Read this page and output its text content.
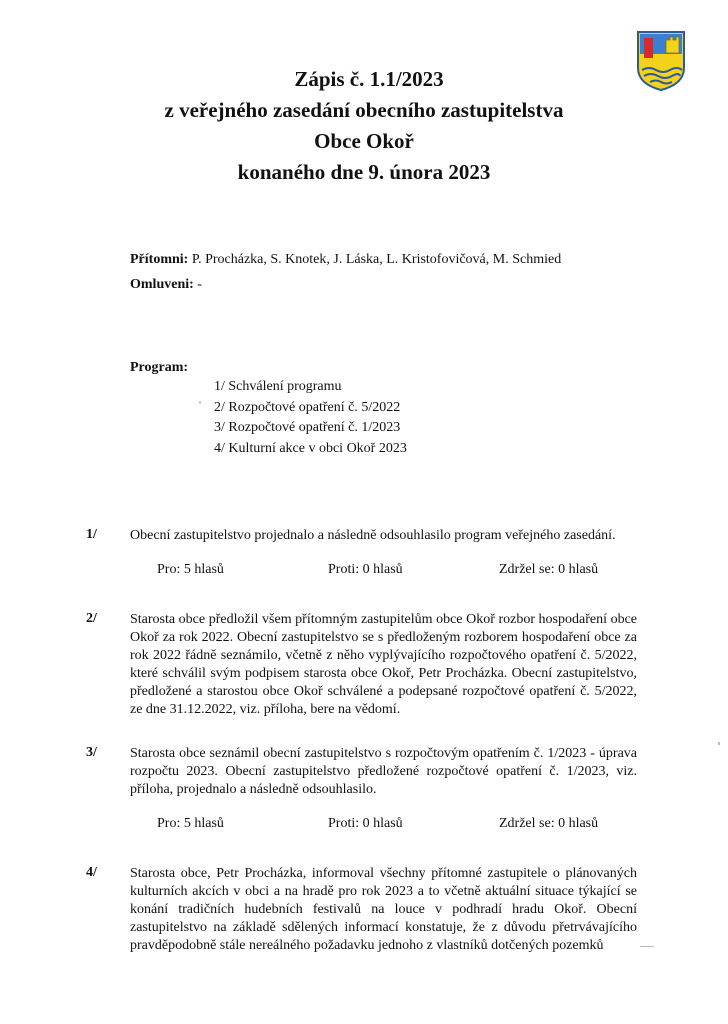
Zápis č. 1.1/2023
z veřejného zasedání obecního zastupitelstva
Obce Okoř
konaného dne 9. února 2023
Přítomni: P. Procházka, S. Knotek, J. Láska, L. Kristofovičová, M. Schmied
Omluveni: -
Program:
1/ Schválení programu
2/ Rozpočtové opatření č. 5/2022
3/ Rozpočtové opatření č. 1/2023
4/ Kulturní akce v obci Okoř 2023
·
1/ Obecní zastupitelstvo projednalo a následně odsouhlasilo program veřejného zasedání.

Pro: 5 hlasů	Proti: 0 hlasů	Zdržel se: 0 hlasů
2/ Starosta obce předložil všem přítomným zastupitelům obce Okoř rozbor hospodaření obce Okoř za rok 2022. Obecní zastupitelstvo se s předloženým rozborem hospodaření obce za rok 2022 řádně seznámilo, včetně z něho vyplývajícího rozpočtového opatření č. 5/2022, které schválil svým podpisem starosta obce Okoř, Petr Procházka. Obecní zastupitelstvo, předložené a starostou obce Okoř schválené a podepsané rozpočtové opatření č. 5/2022, ze dne 31.12.2022, viz. příloha, bere na vědomí.

3/ Starosta obce seznámil obecní zastupitelstvo s rozpočtovým opatřením č. 1/2023 - úprava rozpočtu 2023. Obecní zastupitelstvo předložené rozpočtové opatření č. 1/2023, viz. příloha, projednalo a následně odsouhlasilo.

Pro: 5 hlasů	Proti: 0 hlasů	Zdržel se: 0 hlasů
4/ Starosta obce, Petr Procházka, informoval všechny přítomné zastupitele o plánovaných kulturních akcích v obci a na hradě pro rok 2023 a to včetně aktuální situace týkající se konání tradičních hudebních festivalů na louce v podhradí hradu Okoř. Obecní zastupitelstvo na základě sdělených informací konstatuje, že z důvodu přetrvávajícího pravděpodobně stále nereálného požadavku jednoho z vlastníků dotčených pozemků
